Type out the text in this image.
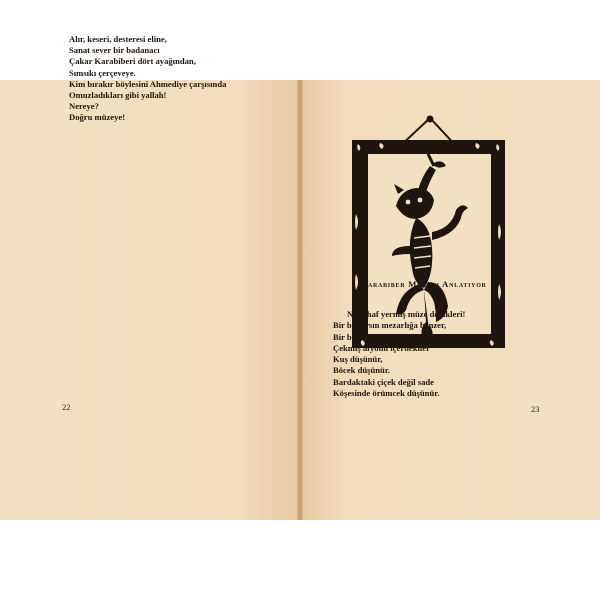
Alır, keseri, desteresi eline,
Sanat sever bir badanacı
Çakar Karabiberi dört ayağından,
Sımsıkı çerçeveye.
Kim bırakır böylesini Ahmediye çarşısında
Omuzladıkları gibi yallah!
Nereye?
Doğru müzeye!
22
Karabiber Müzeyi Anlatıyor
Ne tuhaf yermiş müze dedikleri!
Bir bakarsın mezarlığa benzer,
Bir bakarsın Tophane hamamına
Çekmiş afyonu içerdekiler
Kuş düşünür,
Böcek düşünür.
Bardaktaki çiçek değil sade
Köşesinde örümcek düşünür.
23
